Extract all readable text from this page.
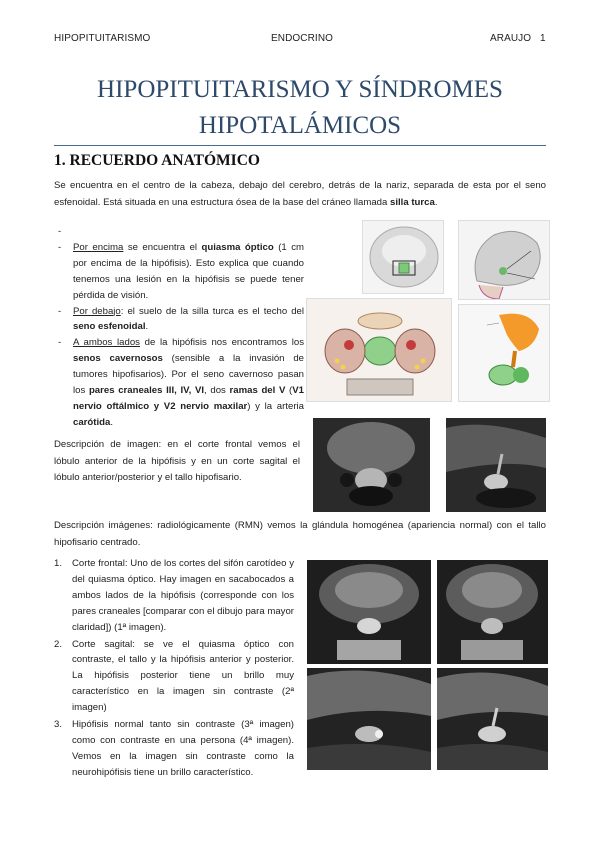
HIPOPITUITARISMO	ENDOCRINO	ARAUJO 1
HIPOPITUITARISMO Y SÍNDROMES
HIPOTALÁMICOS
1. RECUERDO ANATÓMICO
Se encuentra en el centro de la cabeza, debajo del cerebro, detrás de la nariz, separada de esta por el seno esfenoidal. Está situada en una estructura ósea de la base del cráneo llamada silla turca.
-

- Por encima se encuentra el quiasma óptico (1 cm por encima de la hipófisis). Esto explica que cuando tenemos una lesión en la hipófisis se puede tener pérdida de visión.
- Por debajo: el suelo de la silla turca es el techo del seno esfenoidal.
- A ambos lados de la hipófisis nos encontramos los senos cavernosos (sensible a la invasión de tumores hipofisarios). Por el seno cavernoso pasan los pares craneales III, IV, VI, dos ramas del V (V1 nervio oftálmico y V2 nervio maxilar) y la arteria carótida.
Descripción de imagen: en el corte frontal vemos el lóbulo anterior de la hipófisis y en un corte sagital el lóbulo anterior/posterior y el tallo hipofisario.
Descripción imágenes: radiológicamente (RMN) vemos la glándula homogénea (apariencia normal) con el tallo hipofisario centrado.
1. Corte frontal: Uno de los cortes del sifón carotídeo y del quiasma óptico. Hay imagen en sacabocados a ambos lados de la hipófisis (corresponde con los pares craneales [comparar con el dibujo para mayor claridad]) (1ª imagen).
2. Corte sagital: se ve el quiasma óptico con contraste, el tallo y la hipófisis anterior y posterior. La hipófisis posterior tiene un brillo muy característico en la imagen sin contraste (2ª imagen)
3. Hipófisis normal tanto sin contraste (3ª imagen) como con contraste en una persona (4ª imagen). Vemos en la imagen sin contraste como la neurohipófisis tiene un brillo característico.
